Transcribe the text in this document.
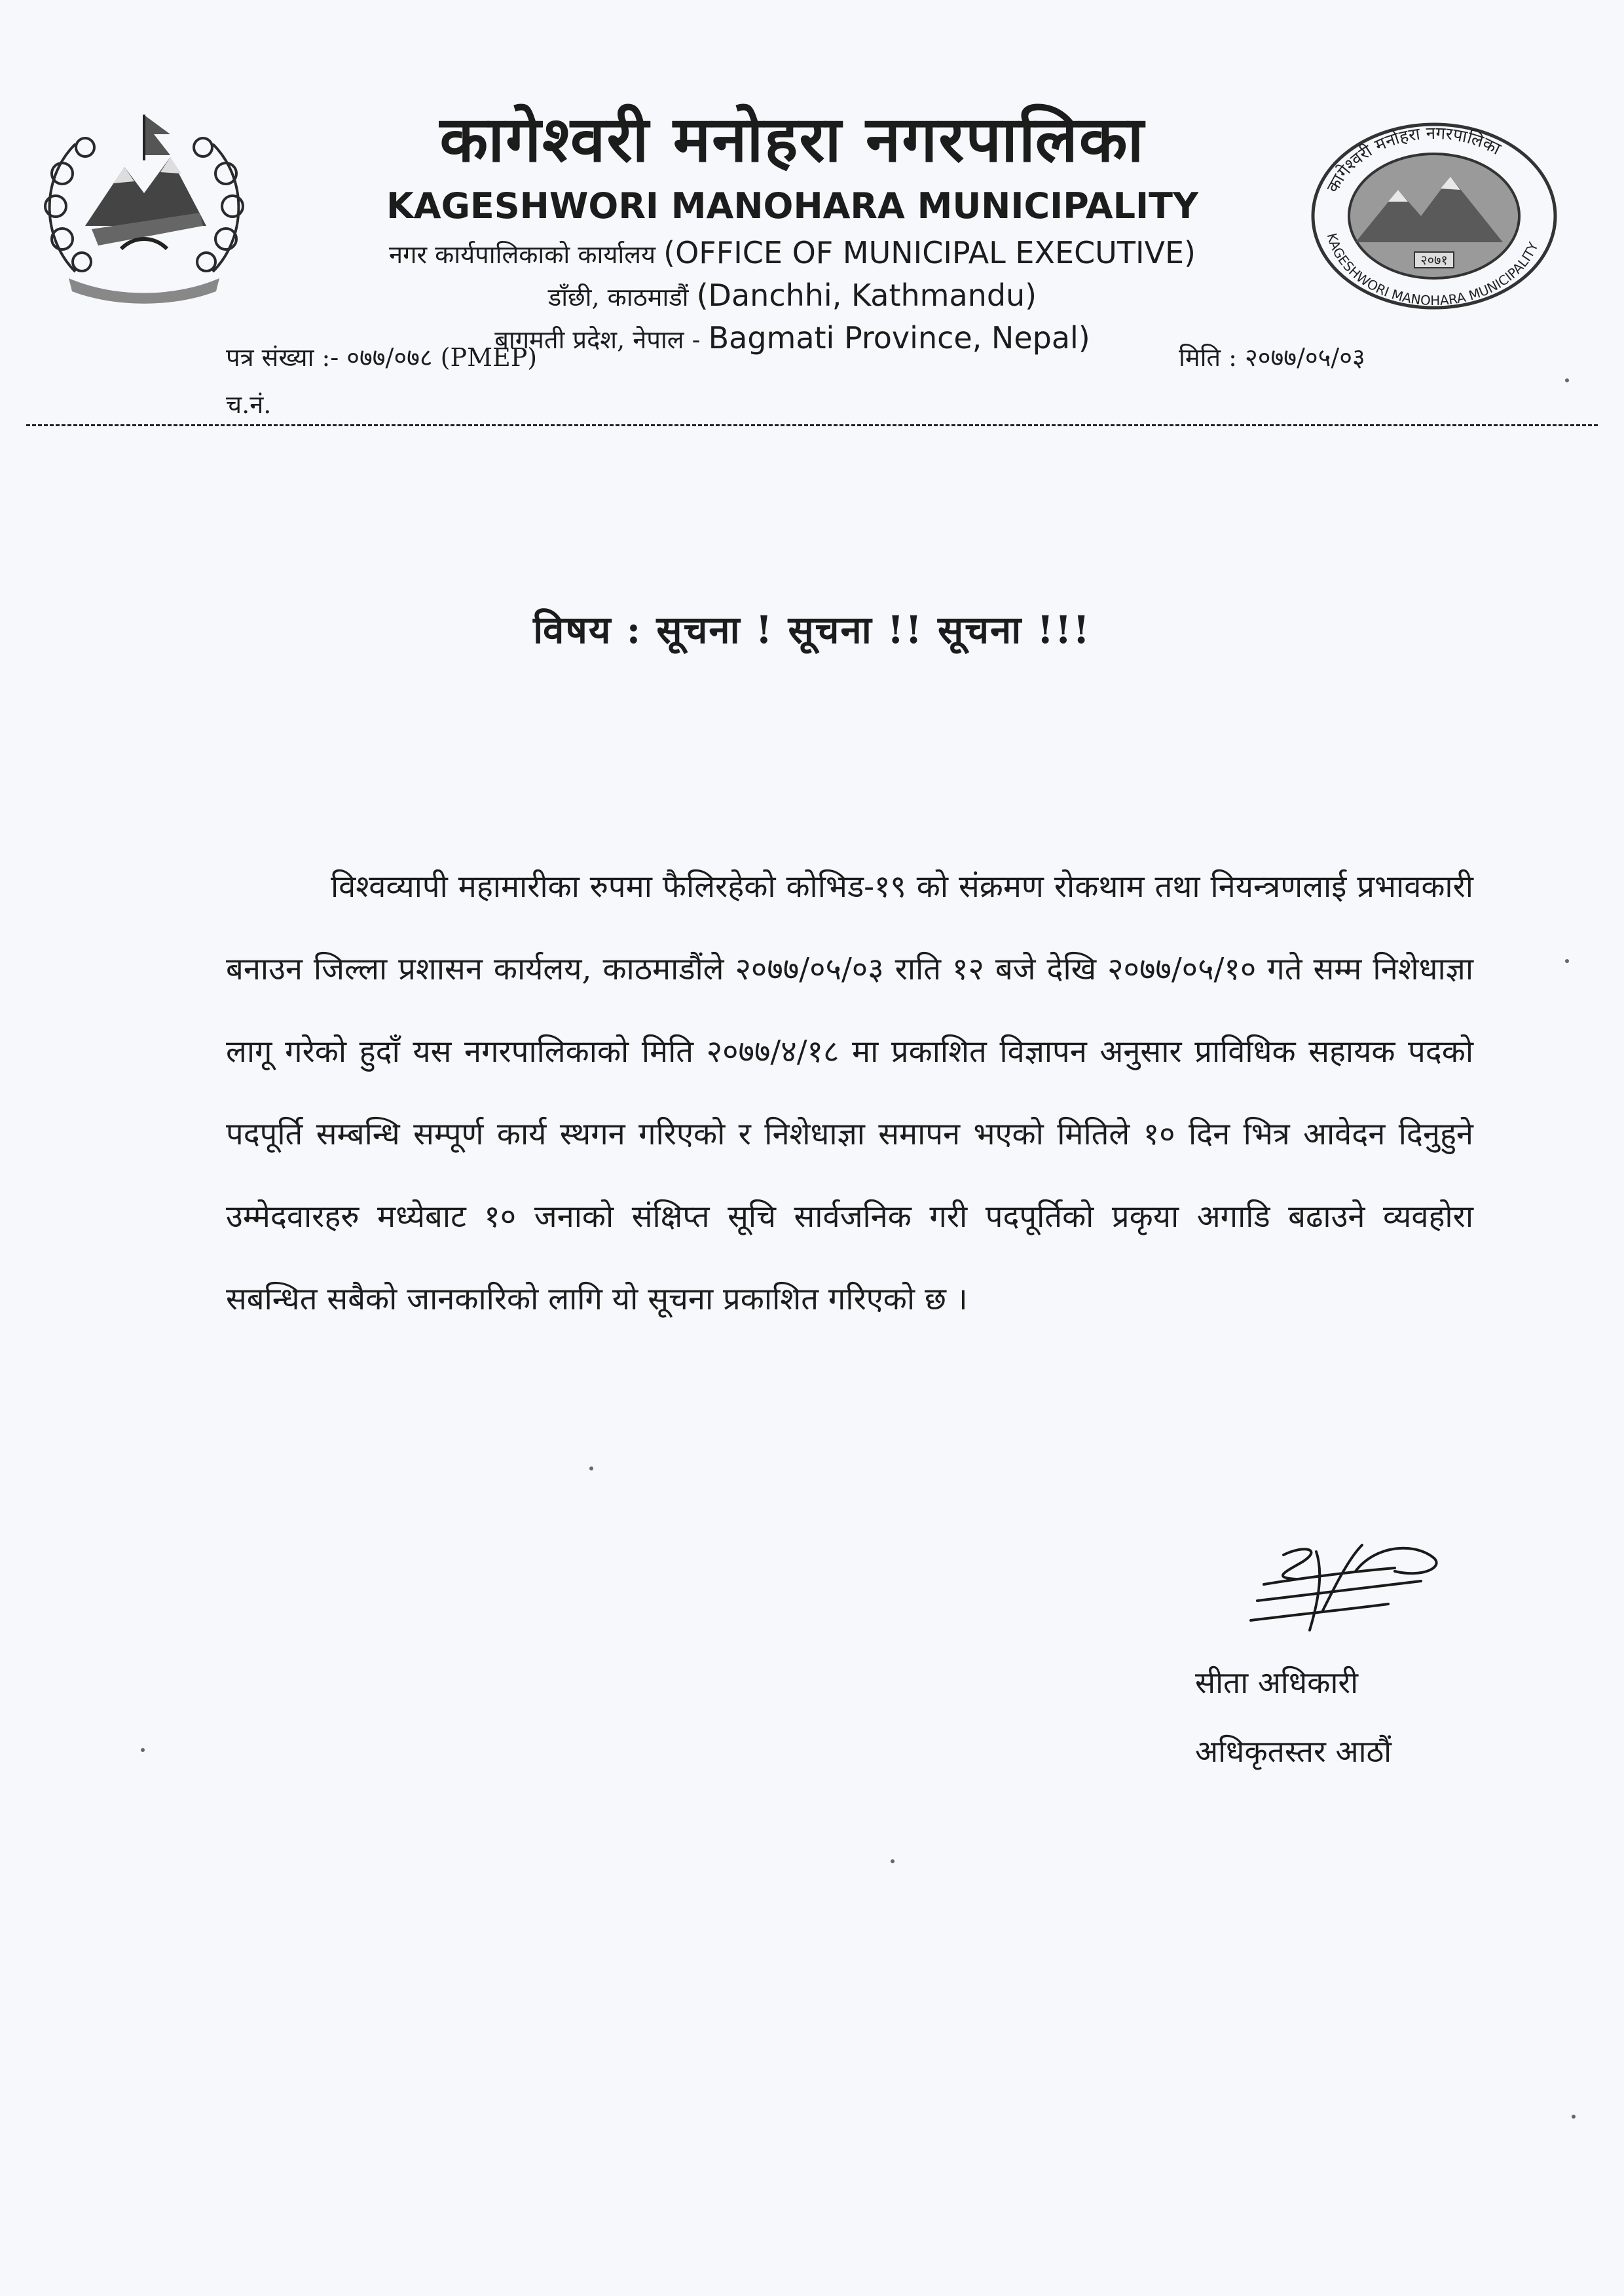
कागेश्वरी मनोहरा नगरपालिका
KAGESHWORI MANOHARA MUNICIPALITY
नगर कार्यपालिकाको कार्यालय (OFFICE OF MUNICIPAL EXECUTIVE)
डाँछी, काठमाडौं (Danchhi, Kathmandu)
बागमती प्रदेश, नेपाल - Bagmati Province, Nepal)
२०७१
कागेश्वरी मनोहरा नगरपालिका
KAGESHWORI MANOHARA MUNICIPALITY
पत्र संख्या :- ०७७/०७८ (PMEP)	मिति : २०७७/०५/०३
च.नं.
विषय : सूचना ! सूचना !! सूचना !!!

विश्वव्यापी महामारीका रुपमा फैलिरहेको कोभिड-१९ को संक्रमण रोकथाम तथा नियन्त्रणलाई प्रभावकारी बनाउन जिल्ला प्रशासन कार्यलय, काठमाडौंले २०७७/०५/०३ राति १२ बजे देखि २०७७/०५/१० गते सम्म निशेधाज्ञा लागू गरेको हुदाँ यस नगरपालिकाको मिति २०७७/४/१८ मा प्रकाशित विज्ञापन अनुसार प्राविधिक सहायक पदको पदपूर्ति सम्बन्धि सम्पूर्ण कार्य स्थगन गरिएको र निशेधाज्ञा समापन भएको मितिले १० दिन भित्र आवेदन दिनुहुने उम्मेदवारहरु मध्येबाट १० जनाको संक्षिप्त सूचि सार्वजनिक गरी पदपूर्तिको प्रकृया अगाडि बढाउने व्यवहोरा सबन्धित सबैको जानकारिको लागि यो सूचना प्रकाशित गरिएको छ ।

सीता अधिकारी
अधिकृतस्तर आठौं
